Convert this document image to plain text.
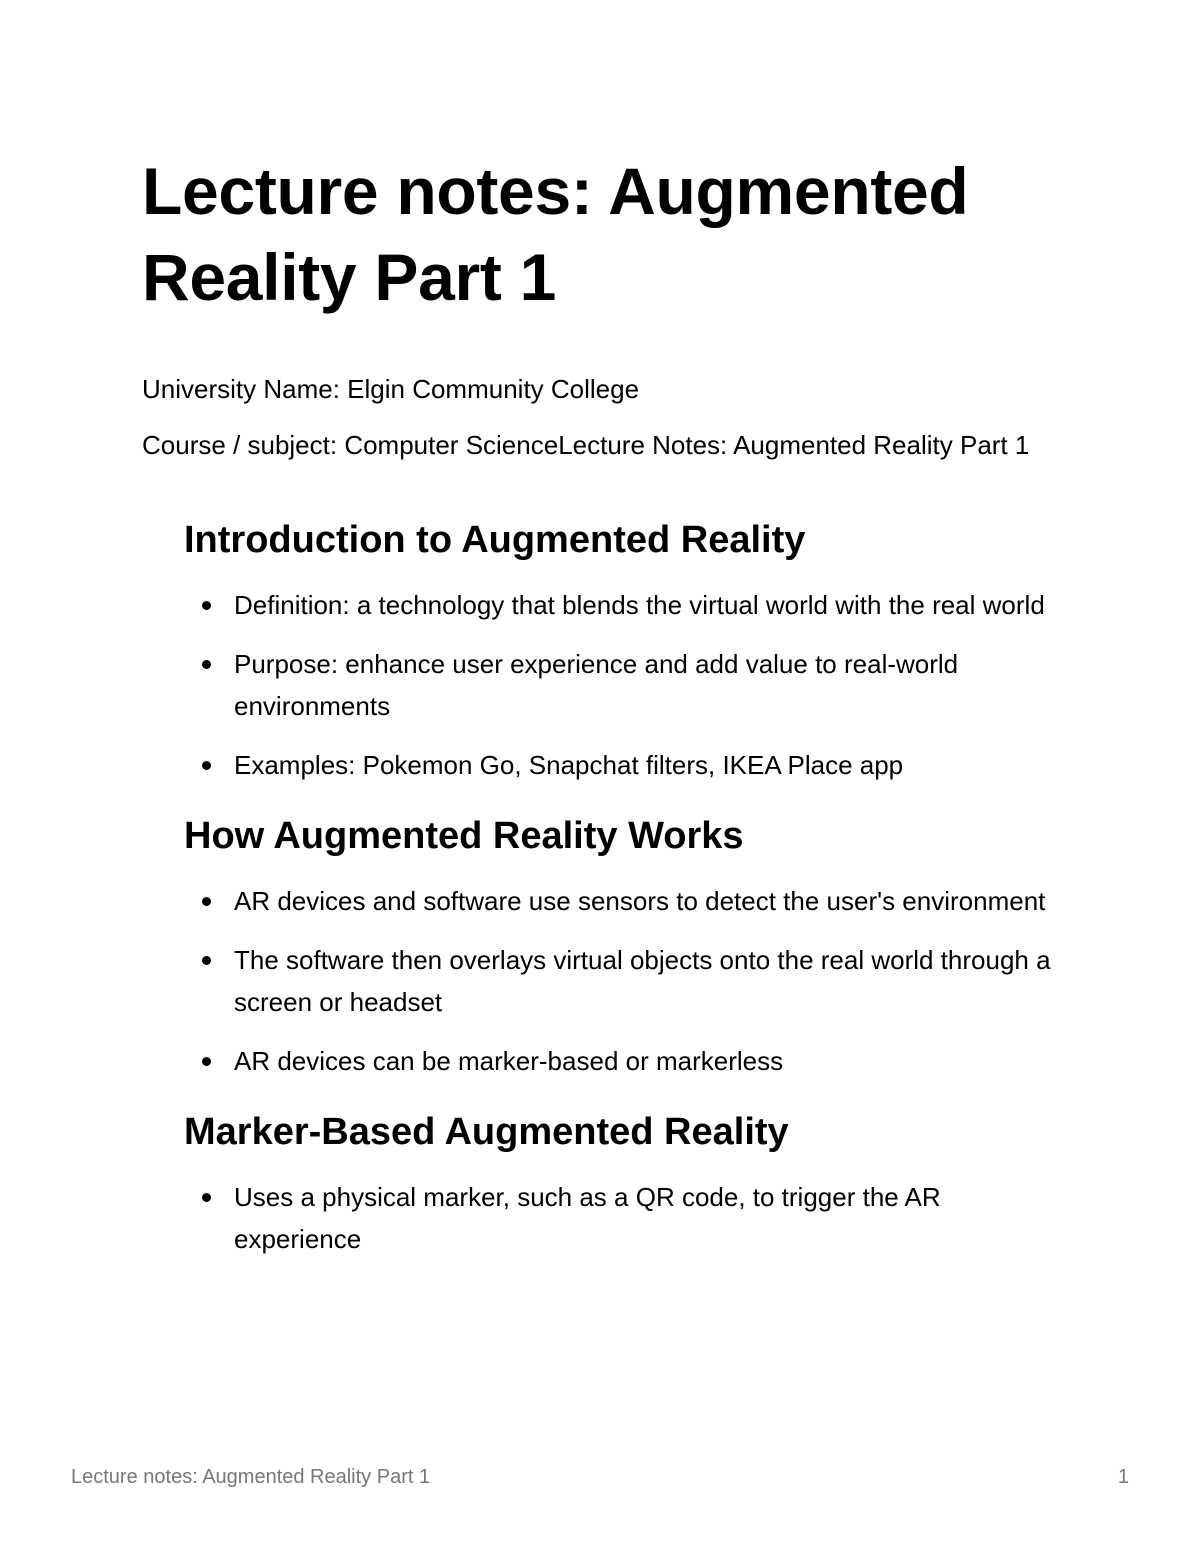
Lecture notes: Augmented Reality Part 1

University Name: Elgin Community College

Course / subject: Computer ScienceLecture Notes: Augmented Reality Part 1

Introduction to Augmented Reality
Definition: a technology that blends the virtual world with the real world
Purpose: enhance user experience and add value to real-world environments
Examples: Pokemon Go, Snapchat filters, IKEA Place app
How Augmented Reality Works
AR devices and software use sensors to detect the user's environment
The software then overlays virtual objects onto the real world through a screen or headset
AR devices can be marker-based or markerless
Marker-Based Augmented Reality
Uses a physical marker, such as a QR code, to trigger the AR experience
Lecture notes: Augmented Reality Part 1	1
